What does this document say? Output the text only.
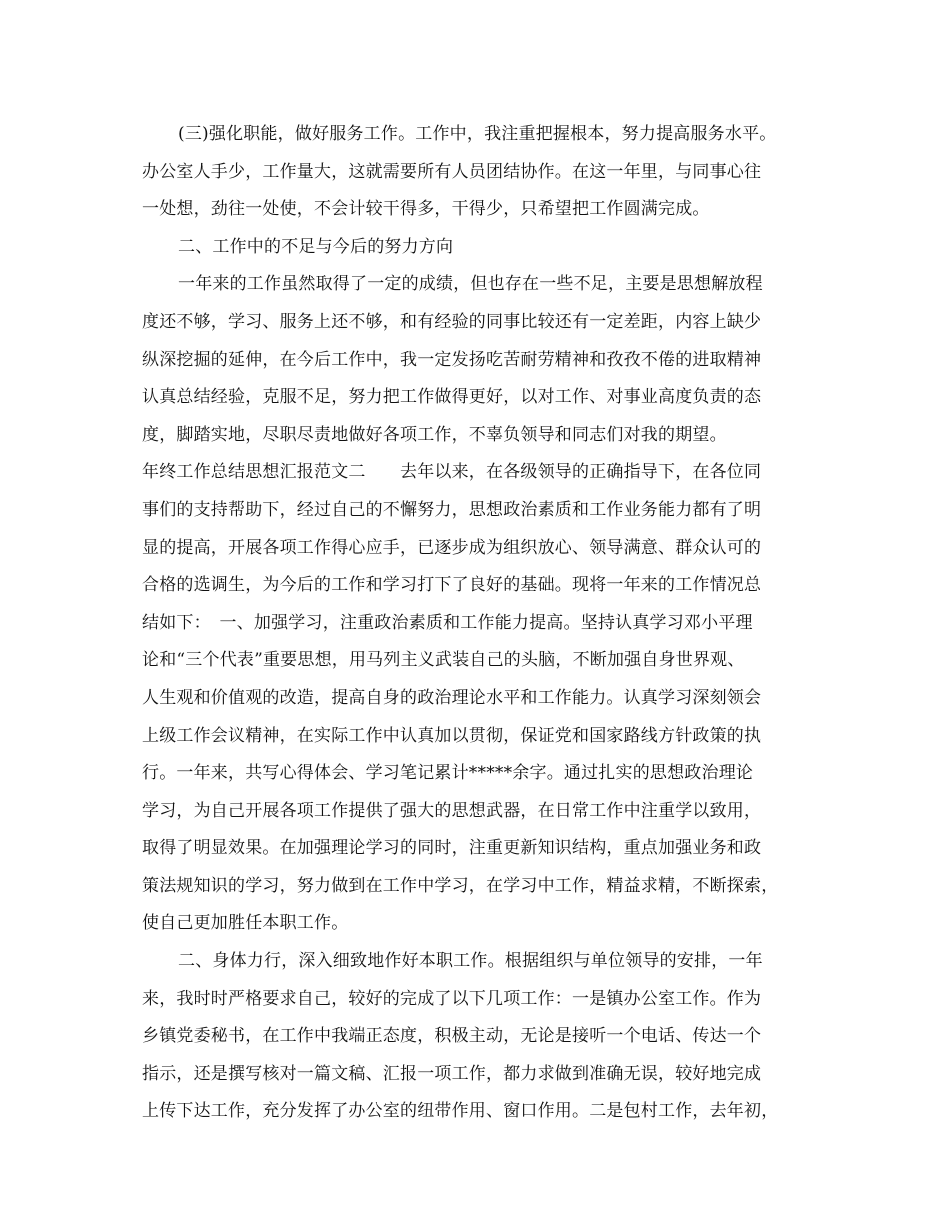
(三)强化职能，做好服务工作。工作中，我注重把握根本，努力提高服务水平。
办公室人手少，工作量大，这就需要所有人员团结协作。在这一年里，与同事心往
一处想，劲往一处使，不会计较干得多，干得少，只希望把工作圆满完成。
二、工作中的不足与今后的努力方向
一年来的工作虽然取得了一定的成绩，但也存在一些不足，主要是思想解放程
度还不够，学习、服务上还不够，和有经验的同事比较还有一定差距，内容上缺少
纵深挖掘的延伸，在今后工作中，我一定发扬吃苦耐劳精神和孜孜不倦的进取精神
认真总结经验，克服不足，努力把工作做得更好，以对工作、对事业高度负责的态
度，脚踏实地，尽职尽责地做好各项工作，不辜负领导和同志们对我的期望。
年终工作总结思想汇报范文二　　去年以来，在各级领导的正确指导下，在各位同
事们的支持帮助下，经过自己的不懈努力，思想政治素质和工作业务能力都有了明
显的提高，开展各项工作得心应手，已逐步成为组织放心、领导满意、群众认可的
合格的选调生，为今后的工作和学习打下了良好的基础。现将一年来的工作情况总
结如下：　一、加强学习，注重政治素质和工作能力提高。坚持认真学习邓小平理
论和“三个代表”重要思想，用马列主义武装自己的头脑，不断加强自身世界观、
人生观和价值观的改造，提高自身的政治理论水平和工作能力。认真学习深刻领会
上级工作会议精神，在实际工作中认真加以贯彻，保证党和国家路线方针政策的执
行。一年来，共写心得体会、学习笔记累计*****余字。通过扎实的思想政治理论
学习，为自己开展各项工作提供了强大的思想武器，在日常工作中注重学以致用，
取得了明显效果。在加强理论学习的同时，注重更新知识结构，重点加强业务和政
策法规知识的学习，努力做到在工作中学习，在学习中工作，精益求精，不断探索，
使自己更加胜任本职工作。
二、身体力行，深入细致地作好本职工作。根据组织与单位领导的安排，一年
来，我时时严格要求自己，较好的完成了以下几项工作：一是镇办公室工作。作为
乡镇党委秘书，在工作中我端正态度，积极主动，无论是接听一个电话、传达一个
指示，还是撰写核对一篇文稿、汇报一项工作，都力求做到准确无误，较好地完成
上传下达工作，充分发挥了办公室的纽带作用、窗口作用。二是包村工作，去年初，
